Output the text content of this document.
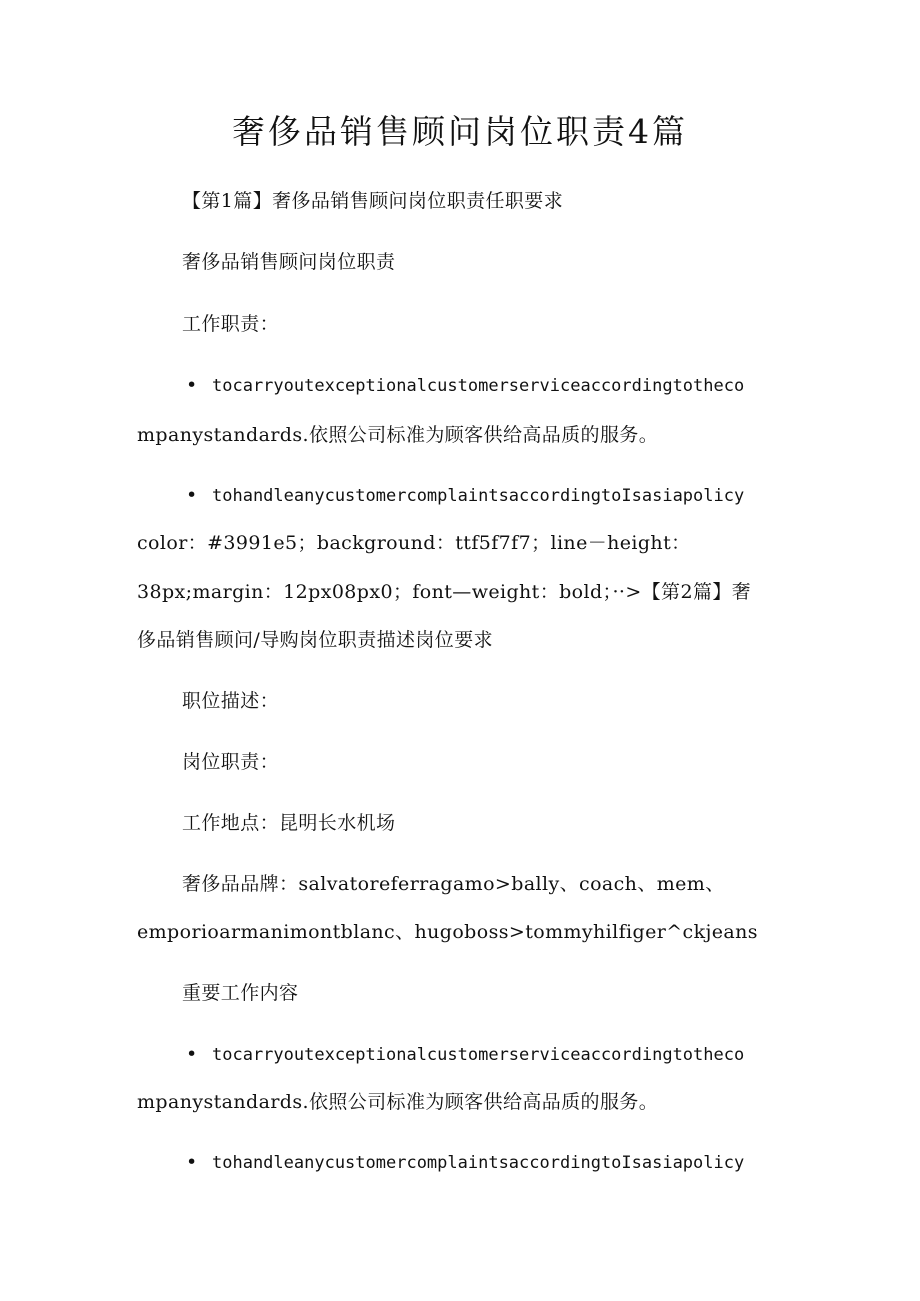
奢侈品销售顾问岗位职责4篇
【第1篇】奢侈品销售顾问岗位职责任职要求
奢侈品销售顾问岗位职责
工作职责：
• tocarryoutexceptionalcustomerserviceaccordingtotheco
mpanystandards.依照公司标准为顾客供给高品质的服务。
• tohandleanycustomercomplaintsaccordingtoIsasiapolicy
color：#3991e5；background：ttf5f7f7；line－height：
38px;margin：12px08px0；font—weight：bold；··>【第2篇】奢
侈品销售顾问/导购岗位职责描述岗位要求
职位描述：
岗位职责：
工作地点：昆明长水机场
奢侈品品牌：salvatoreferragamo>bally、coach、mem、
emporioarmanimontblanc、hugoboss>tommyhilfiger^ckjeans
重要工作内容
• tocarryoutexceptionalcustomerserviceaccordingtotheco
mpanystandards.依照公司标准为顾客供给高品质的服务。
• tohandleanycustomercomplaintsaccordingtoIsasiapolicy
